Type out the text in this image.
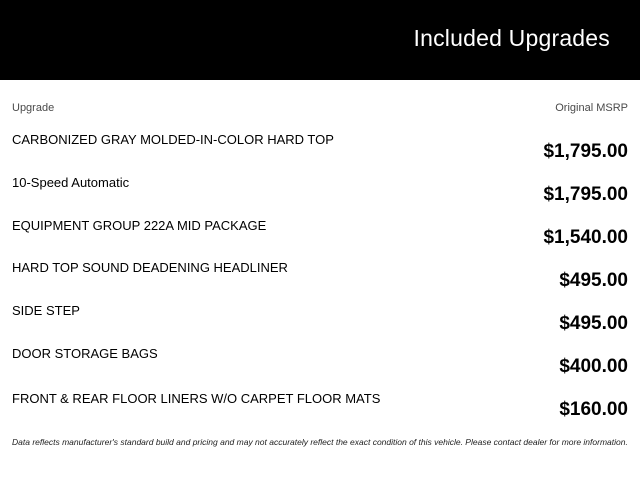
Included Upgrades
Upgrade	Original MSRP
CARBONIZED GRAY MOLDED-IN-COLOR HARD TOP
$1,795.00
10-Speed Automatic
$1,795.00
EQUIPMENT GROUP 222A MID PACKAGE
$1,540.00
HARD TOP SOUND DEADENING HEADLINER
$495.00
SIDE STEP
$495.00
DOOR STORAGE BAGS
$400.00
FRONT & REAR FLOOR LINERS W/O CARPET FLOOR MATS
$160.00
Data reflects manufacturer's standard build and pricing and may not accurately reflect the exact condition of this vehicle. Please contact dealer for more information.
